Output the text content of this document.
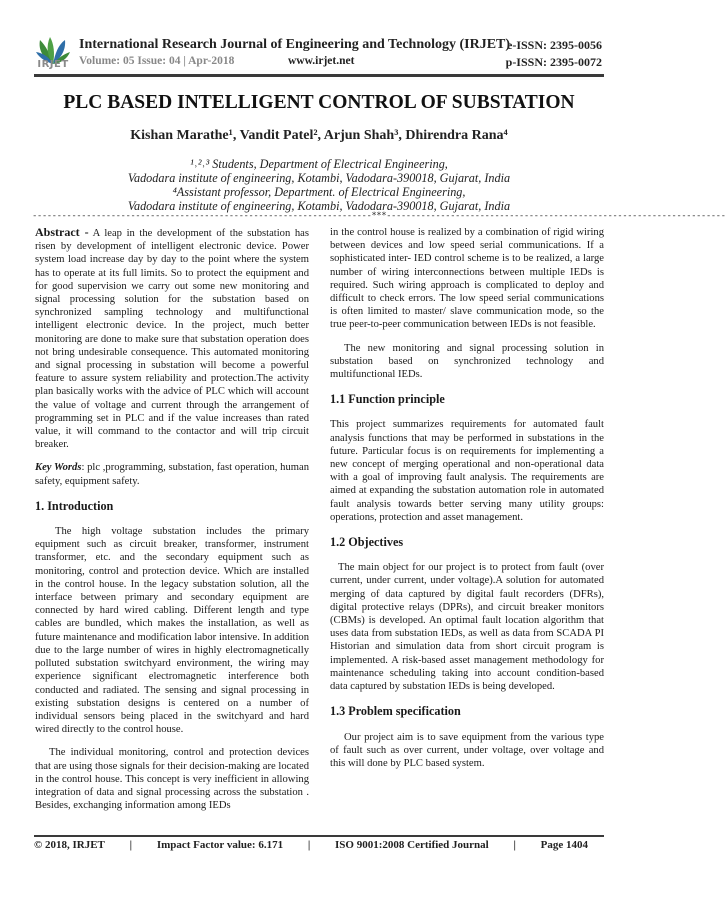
IRJET
International Research Journal of Engineering and Technology (IRJET)
Volume: 05 Issue: 04 | Apr-2018	www.irjet.net
e-ISSN: 2395-0056
p-ISSN: 2395-0072
PLC BASED INTELLIGENT CONTROL OF SUBSTATION
Kishan Marathe¹, Vandit Patel², Arjun Shah³, Dhirendra Rana⁴
¹˒²˒³ Students, Department of Electrical Engineering,
Vadodara institute of engineering, Kotambi, Vadodara-390018, Gujarat, India
⁴Assistant professor, Department. of Electrical Engineering,
Vadodara institute of engineering, Kotambi, Vadodara-390018, Gujarat, India
---------------------------------------------------------------------***---------------------------------------------------------------------

Abstract - A leap in the development of the substation has risen by development of intelligent electronic device. Power system load increase day by day to the point where the system has to operate at its full limits. So to protect the equipment and for good supervision we carry out some new monitoring and signal processing solution for the substation based on synchronized sampling technology and multifunctional intelligent electronic device. In the project, much better monitoring are done to make sure that substation operation does not bring undesirable consequence. This automated monitoring and signal processing in substation will become a powerful feature to assure system reliability and protection.The activity plan basically works with the advice of PLC which will account the value of voltage and current through the arrangement of programming set in PLC and if the value increases than rated value, it will command to the contactor and will trip circuit breaker.

Key Words: plc ,programming, substation, fast operation, human safety, equipment safety.

1. Introduction

The high voltage substation includes the primary equipment such as circuit breaker, transformer, instrument transformer, etc. and the secondary equipment such as monitoring, control and protection device. Which are installed in the control house. In the legacy substation solution, all the interface between primary and secondary equipment are connected by hard wired cabling. Different length and type cables are bundled, which makes the installation, as well as future maintenance and modification labor intensive. In addition due to the large number of wires in highly electromagnetically polluted substation switchyard environment, the wiring may experience significant electromagnetic interference both conducted and radiated. The sensing and signal processing in existing substation designs is centered on a number of individual sensors being placed in the switchyard and hard wired directly to the control house.

The individual monitoring, control and protection devices that are using those signals for their decision-making are located in the control house. This concept is very inefficient in allowing integration of data and signal processing across the substation . Besides, exchanging information among IEDs

in the control house is realized by a combination of rigid wiring between devices and low speed serial communications. If a sophisticated inter- IED control scheme is to be realized, a large number of wiring interconnections between multiple IEDs is required. Such wiring approach is complicated to deploy and difficult to check errors. The low speed serial communications is often limited to master/ slave communication mode, so the true peer-to-peer communication between IEDs is not feasible.

The new monitoring and signal processing solution in substation based on synchronized technology and multifunctional IEDs.

1.1 Function principle

This project summarizes requirements for automated fault analysis functions that may be performed in substations in the future. Particular focus is on requirements for implementing a new concept of merging operational and non-operational data with a goal of improving fault analysis. The requirements are aimed at expanding the substation automation role in automated fault analysis towards better serving many utility groups: operations, protection and asset management.

1.2 Objectives

The main object for our project is to protect from fault (over current, under current, under voltage).A solution for automated merging of data captured by digital fault recorders (DFRs), digital protective relays (DPRs), and circuit breaker monitors (CBMs) is developed. An optimal fault location algorithm that uses data from substation IEDs, as well as data from SCADA PI Historian and simulation data from short circuit program is implemented. A risk-based asset management methodology for maintenance scheduling taking into account condition-based data captured by substation IEDs is being developed.

1.3 Problem specification

Our project aim is to save equipment from the various type of fault such as over current, under voltage, over voltage and this will done by PLC based system.

© 2018, IRJET | Impact Factor value: 6.171 | ISO 9001:2008 Certified Journal | Page 1404
